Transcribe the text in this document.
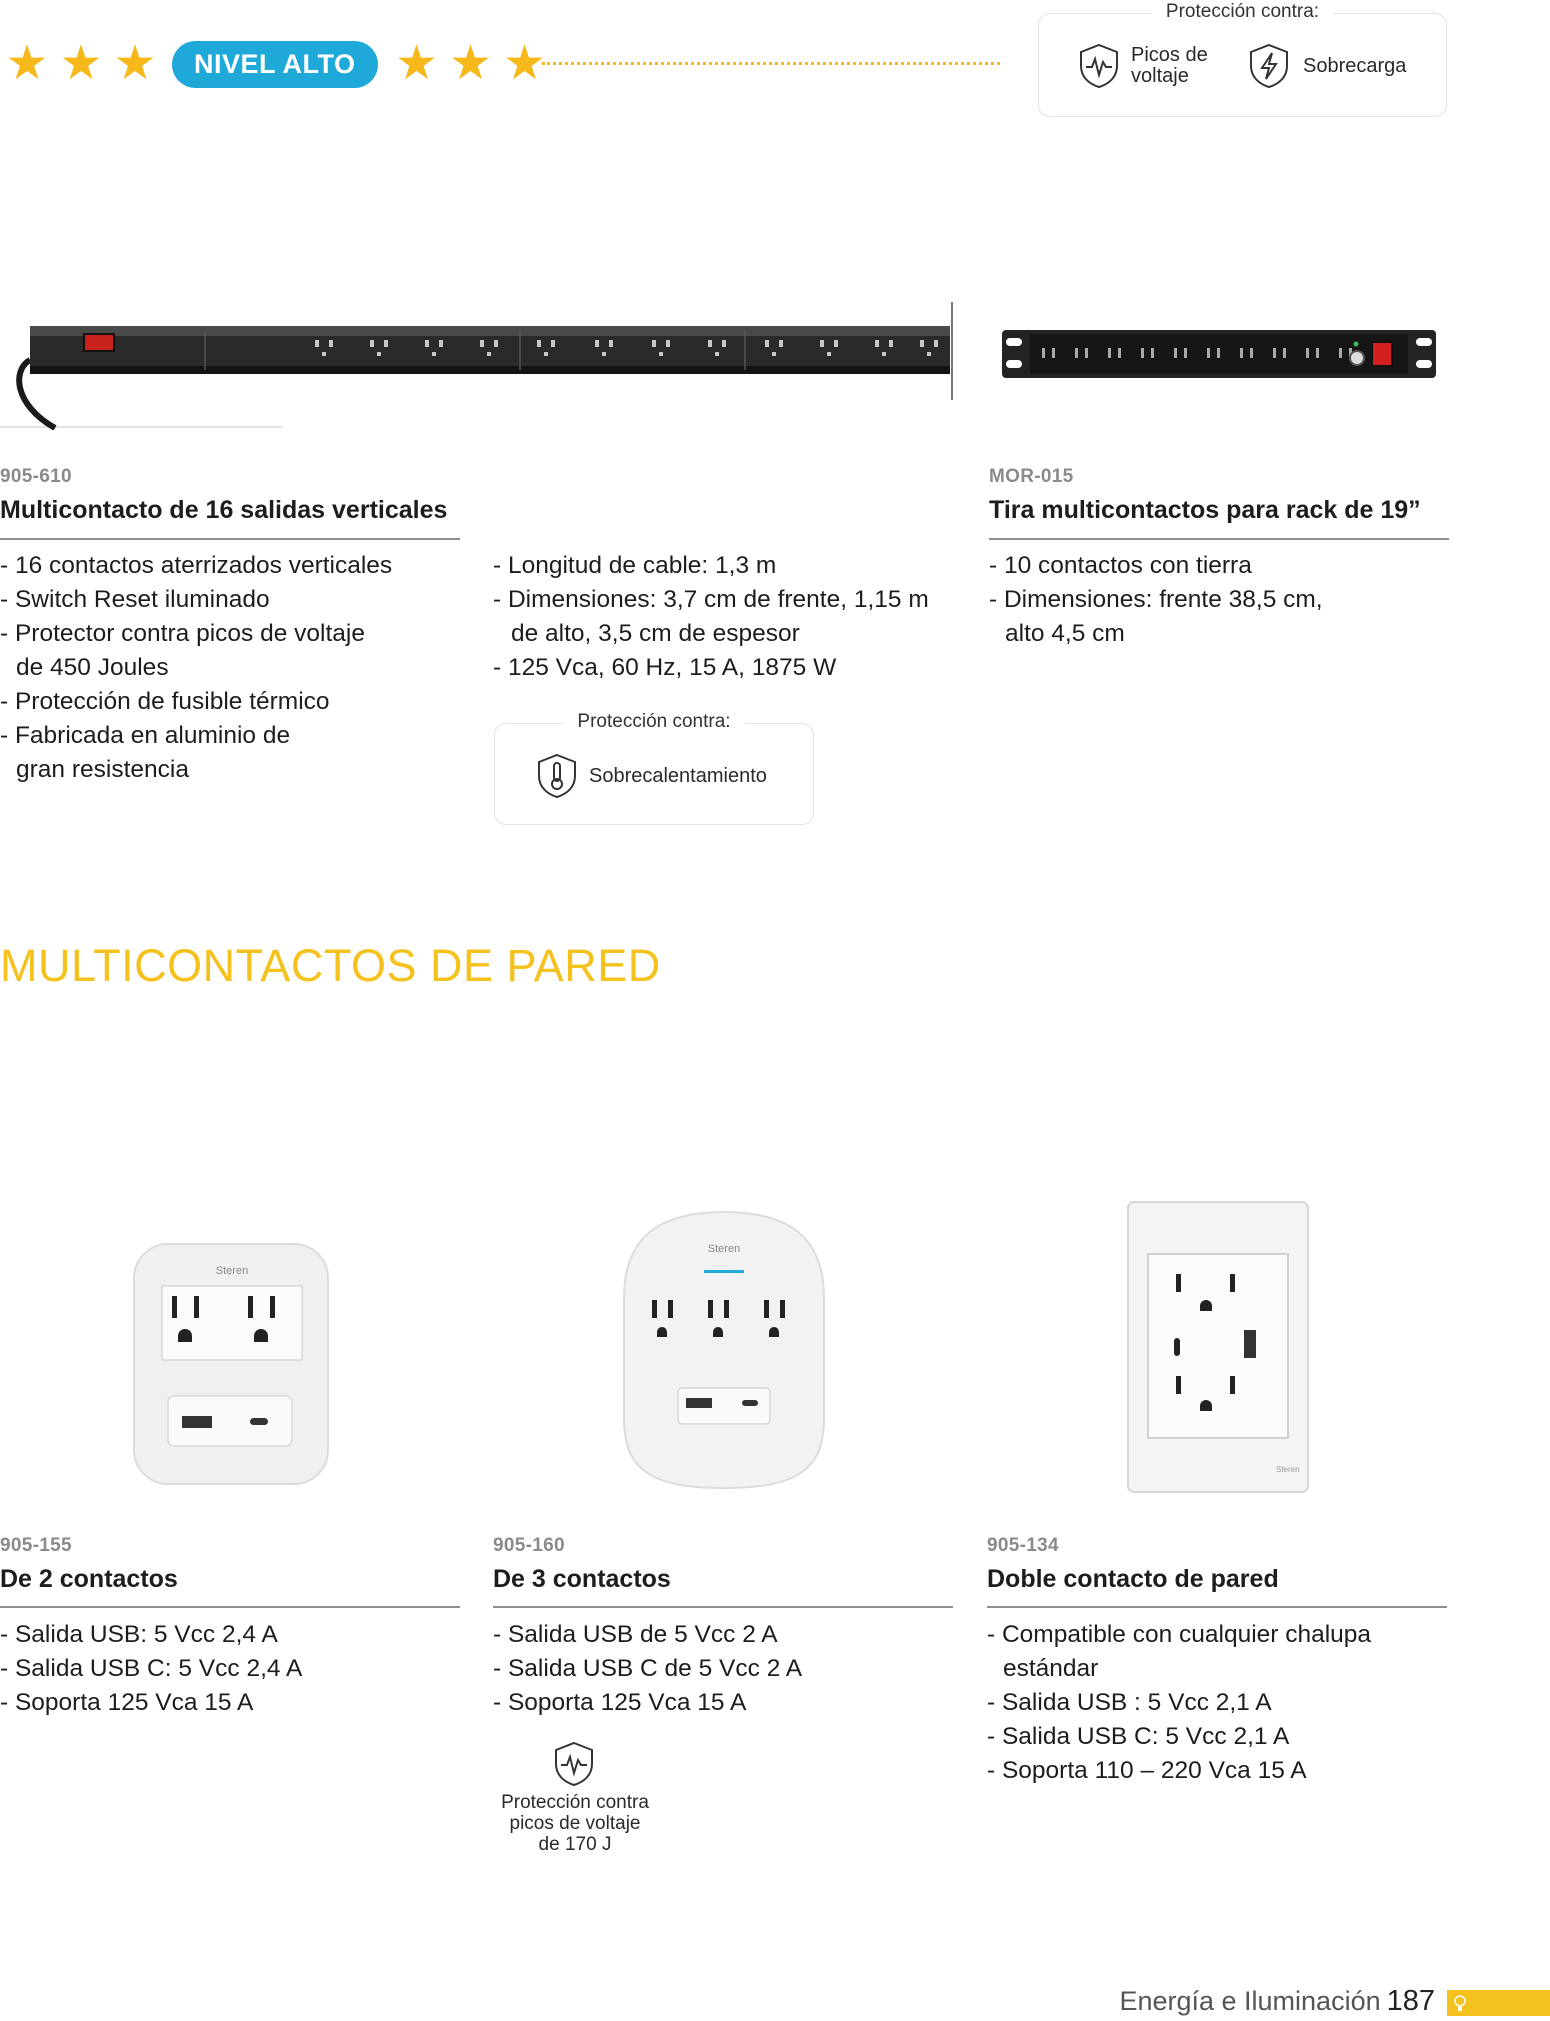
★ ★ ★	NIVEL ALTO ★ ★ ★
Protección contra:
Picos de
voltaje	Sobrecarga
905-610
Multicontacto de 16 salidas verticales
- 16 contactos aterrizados verticales
- Switch Reset iluminado
- Protector contra picos de voltaje
de 450 Joules
- Protección de fusible térmico
- Fabricada en aluminio de
gran resistencia
- Longitud de cable: 1,3 m
- Dimensiones: 3,7 cm de frente, 1,15 m
de alto, 3,5 cm de espesor
- 125 Vca, 60 Hz, 15 A, 1875 W
Protección contra:
Sobrecalentamiento
MOR-015
Tira multicontactos para rack de 19”
- 10 contactos con tierra
- Dimensiones: frente 38,5 cm,
alto 4,5 cm
MULTICONTACTOS DE PARED
Steren
Steren
Steren
905-155
De 2 contactos
- Salida USB: 5 Vcc 2,4 A
- Salida USB C: 5 Vcc 2,4 A
- Soporta 125 Vca 15 A
905-160
De 3 contactos
- Salida USB de 5 Vcc 2 A
- Salida USB C de 5 Vcc 2 A
- Soporta 125 Vca 15 A
Protección contra
picos de voltaje
de 170 J
905-134
Doble contacto de pared
- Compatible con cualquier chalupa
estándar
- Salida USB : 5 Vcc 2,1 A
- Salida USB C: 5 Vcc 2,1 A
- Soporta 110 – 220 Vca 15 A
Energía e Iluminación 187
